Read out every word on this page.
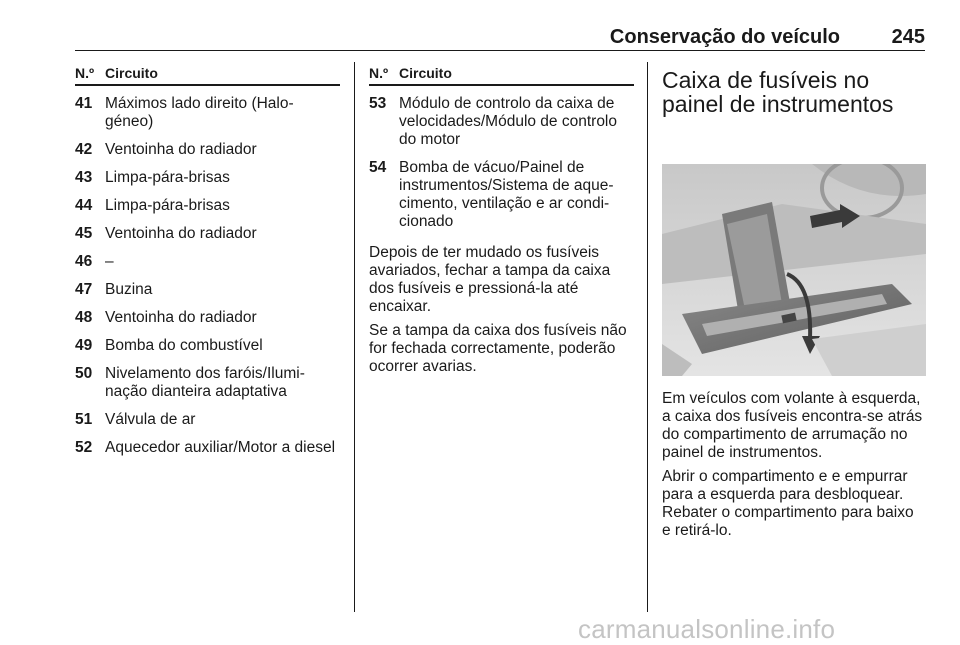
Conservação do veículo	245
N.º Circuito
41 Máximos lado direito (Halo-géneo)
42 Ventoinha do radiador
43 Limpa-pára-brisas
44 Limpa-pára-brisas
45 Ventoinha do radiador
46 –
47 Buzina
48 Ventoinha do radiador
49 Bomba do combustível
50 Nivelamento dos faróis/Ilumi-nação dianteira adaptativa
51 Válvula de ar
52 Aquecedor auxiliar/Motor a diesel
N.º Circuito
53 Módulo de controlo da caixa de velocidades/Módulo de controlo do motor
54 Bomba de vácuo/Painel de instrumentos/Sistema de aque-cimento, ventilação e ar condi-cionado

Depois de ter mudado os fusíveis avariados, fechar a tampa da caixa dos fusíveis e pressioná-la até encaixar.

Se a tampa da caixa dos fusíveis não for fechada correctamente, poderão ocorrer avarias.

Caixa de fusíveis no painel de instrumentos

Em veículos com volante à esquerda, a caixa dos fusíveis encontra-se atrás do compartimento de arrumação no painel de instrumentos.

Abrir o compartimento e e empurrar para a esquerda para desbloquear. Rebater o compartimento para baixo e retirá-lo.

carmanualsonline.info
